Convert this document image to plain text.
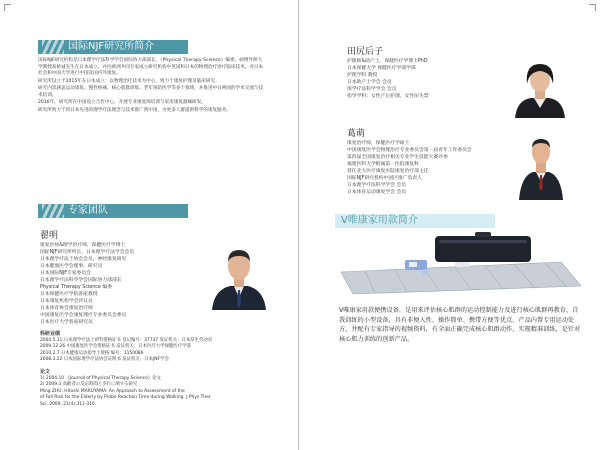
国际NJF研究所简介

国际NJF研究机构是日本理学疗法科学学会国际协力部部长、《Physical Therapy Science》编委、硕博导师大学教授高桥诚先生在日本成立。并拉欧洲共同专家成立研究机构中英国和日本的物理治疗诊疗临床技术。对日本社会和中国大学进行中国及国内外康复。

研究所设立于2015年在日本成立：以物理治疗技术为中心，致力于康复护理及临床研究。

研究内容涵盖运动康复、慢性疼痛、核心肌群训练、老年预防医学等多个领域，并推进中日两国的学术交流与技术培训。

2016年，研究所在中国设立合作中心，开展专业康复师培训与家用康复器械研发。

研究所致力于将日本先进的理学疗法理念与技术推广到中国，为更多人群提供科学的康复服务。

专家团队
翟明
康复医师&理学治疗师，保健医疗学博士
国际NJF研究所所长，日本理学疗法学会会员
日本理学疗法士协会会员，神经康复研究
日本健康医学会理事，研究员
日本国际NJF专家委员会
日本理学疗法科学学会国际协力部部长
Physical Therapy Science 编委
日本保健医疗学院客座教授
日本康复机构学会评议员
日本体育协会康复治疗师
中国康复医学会康复理疗专业委员会委员
日本医疗大学客座研究员
科研业绩
2004.5.11 日本理学疗法士(PT)资格证书 登记编号：37737 发证机关：日本厚生劳动省
2009.12.26 中国康复医学会资格证书 发证机关：日本医疗大学保健医疗学部
2010.2.7 日本健康运动指导士资格 编号：1150086
2008.3.22 日本国际理学疗法协会证明书 发证机关：日本JNF学会
论文
1) 2004.10 《Journal of Physical Therapy Science》论文
2) 2009.3 高齢者の反応時間と歩行に関する研究
Ming ZHU, Hitoshi MARUYAMA: An Approach to Assessment of the
of Fall Risk for the Elderly by Probe Reaction Time during Walking. J Phys Ther
Sci. 2009, 21(4):311-316.
田尻后子
护理师&助产士，保健医疗学博士PhD
日本保健大学 保健医疗学部学部
护理学科 教授
日本助产士学会 会员
保学疗法科学学会 会员
指导学科：女性产后护理，女性尿失禁
葛萌
康复治疗师，保健医疗学硕士
中国康复医学会物理治疗专业委员会第一届青年工作委员会
第四届全国康复治疗相关专业学生技能大赛评委
福建医科大学附属第一医院康复科
曾任北大医疗康复医院康复治疗部主任
国际NJF研究机构中国区推广负责人
日本理学疗法科学学会 会员
日本体育运动康复学会 会员
V唯康家用款简介
V唯康家用款便携设备，是用来评估核心肌群的运动控制能力及进行核心肌群再教育，自我训练的小型设备，具有非便入性、操作简单、携带方便等优点。产品内置专用运动处方，并配有专家指导的视频资料，有全面正确完成核心肌群动作，实现精准训练，是针对核心肌力训练的创新产品。
